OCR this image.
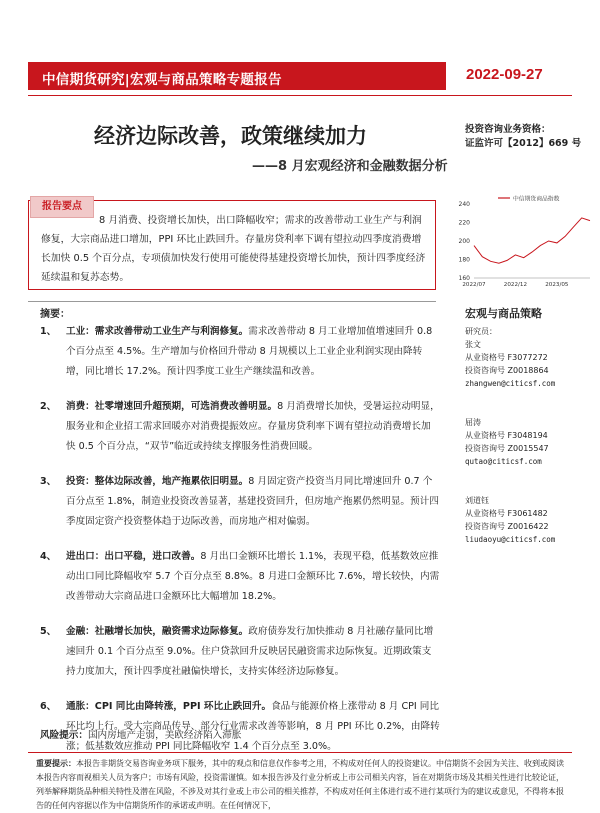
中信期货研究|宏观与商品策略专题报告	2022-09-27
经济边际改善，政策继续加力
——8 月宏观经济和金融数据分析
投资咨询业务资格：
证监许可【2012】669 号
报告要点
8 月消费、投资增长加快，出口降幅收窄；需求的改善带动工业生产与利润修复，大宗商品进口增加，PPI 环比止跌回升。存量房贷利率下调有望拉动四季度消费增长加快 0.5 个百分点，专项债加快发行使用可能使得基建投资增长加快，预计四季度经济延续温和复苏态势。
中信期货商品指数
240
220
200
180
160
2022/07	2022/12	2023/05
摘要：
1、 工业：需求改善带动工业生产与利润修复。需求改善带动 8 月工业增加值增速回升 0.8 个百分点至 4.5%。生产增加与价格回升带动 8 月规模以上工业企业利润实现由降转增，同比增长 17.2%。预计四季度工业生产继续温和改善。
2、 消费：社零增速回升超预期，可选消费改善明显。8 月消费增长加快，受暑运拉动明显，服务业和企业招工需求回暖亦对消费提振效应。存量房贷利率下调有望拉动消费增长加快 0.5 个百分点，“双节”临近或持续支撑服务性消费回暖。
3、 投资：整体边际改善，地产拖累依旧明显。8 月固定资产投资当月同比增速回升 0.7 个百分点至 1.8%，制造业投资改善显著，基建投资回升，但房地产拖累仍然明显。预计四季度固定资产投资整体趋于边际改善，而房地产相对偏弱。
4、 进出口：出口平稳，进口改善。8 月出口金额环比增长 1.1%，表现平稳，低基数效应推动出口同比降幅收窄 5.7 个百分点至 8.8%。8 月进口金额环比 7.6%，增长较快，内需改善带动大宗商品进口金额环比大幅增加 18.2%。
5、 金融：社融增长加快，融资需求边际修复。政府债券发行加快推动 8 月社融存量同比增速回升 0.1 个百分点至 9.0%。住户贷款回升反映居民融资需求边际恢复。近期政策支持力度加大，预计四季度社融偏快增长，支持实体经济边际修复。
6、 通胀：CPI 同比由降转涨，PPI 环比止跌回升。食品与能源价格上涨带动 8 月 CPI 同比环比均上行。受大宗商品传导、部分行业需求改善等影响，8 月 PPI 环比 0.2%，由降转涨；低基数效应推动 PPI 同比降幅收窄 1.4 个百分点至 3.0%。
风险提示：国内房地产走弱，美欧经济陷入滞胀
宏观与商品策略
研究员：
张文
从业资格号 F3077272
投资咨询号 Z0018864
zhangwen@citicsf.com
屈涛
从业资格号 F3048194
投资咨询号 Z0015547
qutao@citicsf.com
刘道钰
从业资格号 F3061482
投资咨询号 Z0016422
liudaoyu@citicsf.com
重要提示：本报告非期货交易咨询业务项下服务，其中的观点和信息仅作参考之用，不构成对任何人的投资建议。中信期货不会因为关注、收到或阅读本报告内容而视相关人员为客户；市场有风险，投资需谨慎。如本报告涉及行业分析或上市公司相关内容，旨在对期货市场及其相关性进行比较论证，列举解释期货品种相关特性及潜在风险，不涉及对其行业或上市公司的相关推荐，不构成对任何主体进行或不进行某项行为的建议或意见，不得将本报告的任何内容据以作为中信期货所作的承诺或声明。在任何情况下，
